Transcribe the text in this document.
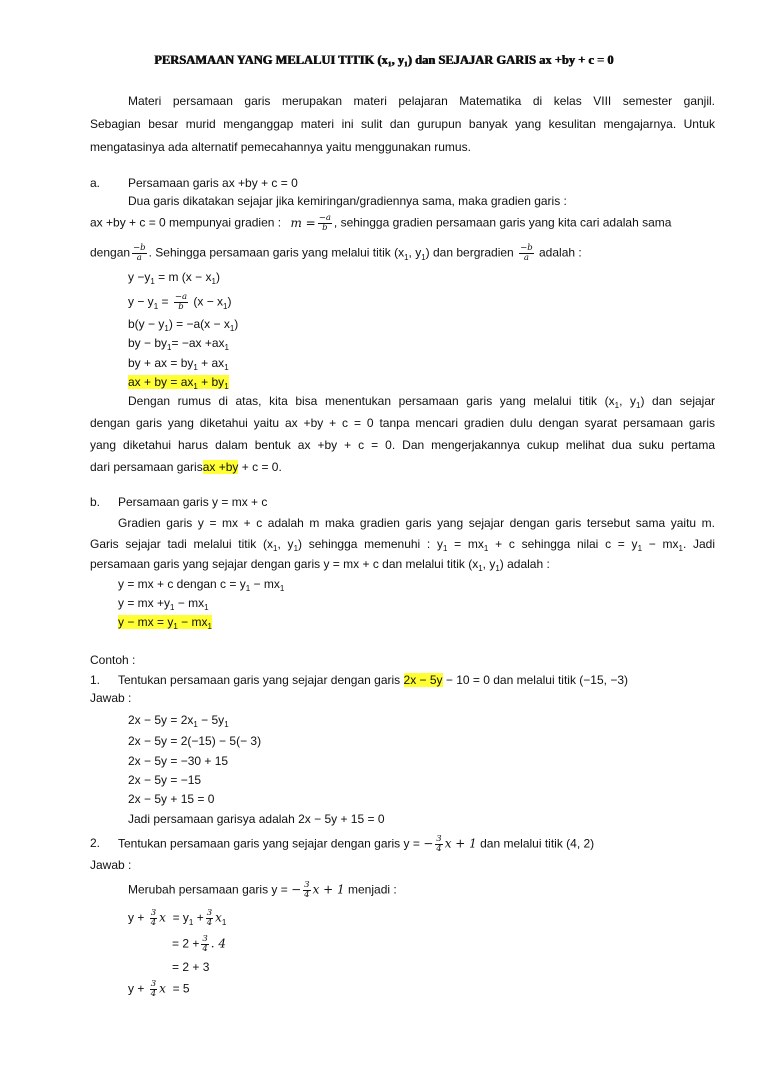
PERSAMAAN YANG MELALUI TITIK (x₁, y₁) dan SEJAJAR GARIS ax +by + c = 0
Materi persamaan garis merupakan materi pelajaran Matematika di kelas VIII semester ganjil.
Sebagian besar murid menganggap materi ini sulit dan gurupun banyak yang kesulitan mengajarnya. Untuk
mengatasinya ada alternatif pemecahannya yaitu menggunakan rumus.
a. Persamaan garis ax +by + c = 0
Dua garis dikatakan sejajar jika kemiringan/gradiennya sama, maka gradien garis :
ax +by + c = 0 mempunyai gradien : $m = \frac{-a}{b}$ , sehingga gradien persamaan garis yang kita cari adalah sama
dengan $\frac{-b}{a}$ . Sehingga persamaan garis yang melalui titik ($x_1$, $y_1$) dan bergradien $\frac{-b}{a}$ adalah :
$y -y_1 = m$ $(x - x_1)$
$y - y_1 = \frac{-a}{b} (x - x_1)$
$b(y - y_1) = -a(x - x_1)$
by − $by_1= -ax +ax_1$
by + ax = $by_1 + ax_1$
ax + by = $ax_1 + by_1$
Dengan rumus di atas, kita bisa menentukan persamaan garis yang melalui titik ($x_1$, $y_1$) dan sejajar
dengan garis yang diketahui yaitu ax +by + c = 0 tanpa mencari gradien dulu dengan syarat persamaan garis
yang diketahui harus dalam bentuk ax +by + c = 0. Dan mengerjakannya cukup melihat dua suku pertama
dari persamaan garisax +by + c = 0.
b. Persamaan garis y = mx + c
Gradien garis y = mx + c adalah m maka gradien garis yang sejajar dengan garis tersebut sama yaitu m.
Garis sejajar tadi melalui titik ($x_1$, $y_1$) sehingga memenuhi : $y_1 = mx_1 + c$ sehingga nilai $c = y_1 - mx_1$. Jadi
persamaan garis yang sejajar dengan garis y = mx + c dan melalui titik ($x_1$, $y_1$) adalah :
y = mx + c dengan $c = y_1 - mx_1$
y = mx $+y_1 - mx_1$
y − mx = $y_1 - mx_1$
Contoh :
1. Tentukan persamaan garis yang sejajar dengan garis 2x − 5y − 10 = 0 dan melalui titik (−15, −3)
Jawab :
$2x - 5y = 2x_1 - 5y_1$
2x − 5y = 2(−15) − 5(− 3)
2x − 5y = −30 + 15
2x − 5y = −15
2x − 5y + 15 = 0
Jadi persamaan garisya adalah 2x − 5y + 15 = 0
2. Tentukan persamaan garis yang sejajar dengan garis y = − $\frac{3}{4}$ x + 1 dan melalui titik (4, 2)
Jawab :
Merubah persamaan garis y = − $\frac{3}{4}$ x + 1 menjadi :
$y + \frac{3}{4}$ $x = y_1 + \frac{3}{4} x_1$
= $2 + \frac{3}{4}$ . 4
= 2 + 3
$y + \frac{3}{4}$ x = 5
